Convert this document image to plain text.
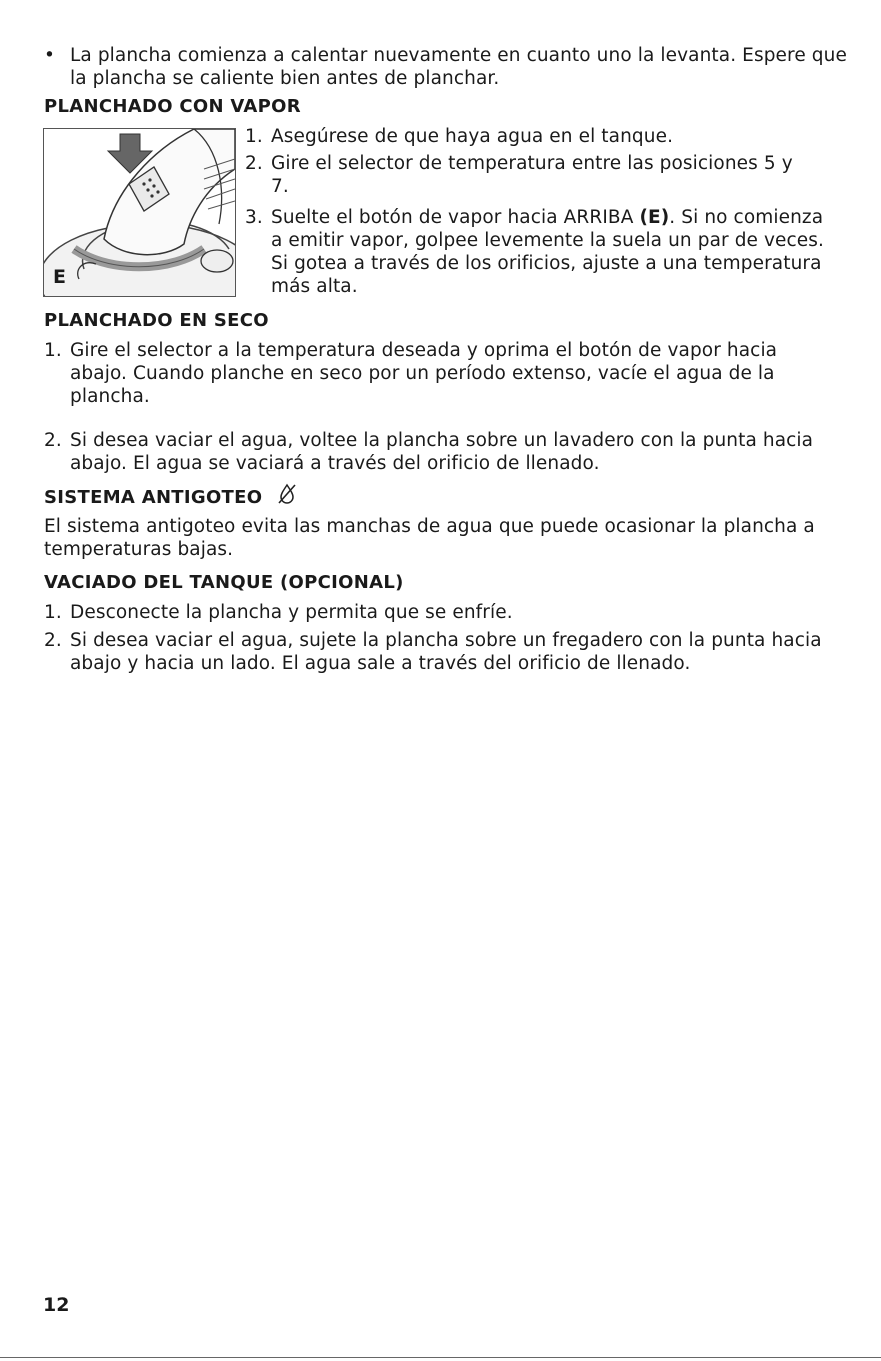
• La plancha comienza a calentar nuevamente en cuanto uno la levanta. Espere que la plancha se caliente bien antes de planchar.
PLANCHADO CON VAPOR
E
1. Asegúrese de que haya agua en el tanque.
2. Gire el selector de temperatura entre las posiciones 5 y 7.
3. Suelte el botón de vapor hacia ARRIBA (E). Si no comienza a emitir vapor, golpee levemente la suela un par de veces. Si gotea a través de los orificios, ajuste a una temperatura más alta.
PLANCHADO EN SECO
1. Gire el selector a la temperatura deseada y oprima el botón de vapor hacia abajo. Cuando planche en seco por un período extenso, vacíe el agua de la plancha.
2. Si desea vaciar el agua, voltee la plancha sobre un lavadero con la punta hacia abajo. El agua se vaciará a través del orificio de llenado.
SISTEMA ANTIGOTEO
El sistema antigoteo evita las manchas de agua que puede ocasionar la plancha a temperaturas bajas.
VACIADO DEL TANQUE (OPCIONAL)
1. Desconecte la plancha y permita que se enfríe.
2. Si desea vaciar el agua, sujete la plancha sobre un fregadero con la punta hacia abajo y hacia un lado. El agua sale a través del orificio de llenado.
12
